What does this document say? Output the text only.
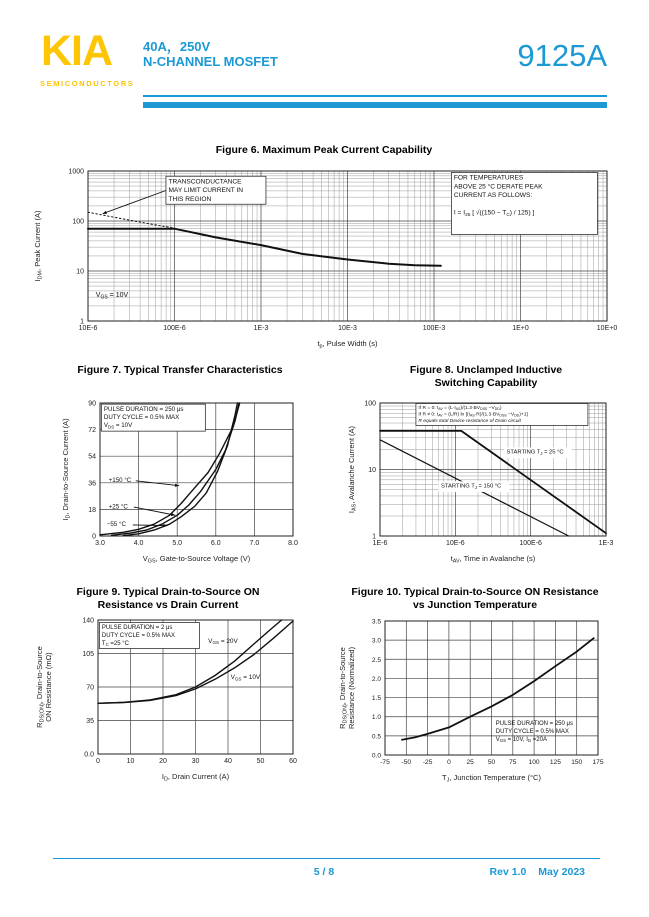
KIA
SEMICONDUCTORS
40A，250V
N-CHANNEL MOSFET	9125A
Figure 6. Maximum Peak Current Capability
10E-6	100E-6	1E-3	10E-3	100E-3	1E+0	10E+0
1
10
100
1000
tp, Pulse Width (s)
IDM, Peak Current (A)
TRANSCONDUCTANCE
MAY LIMIT CURRENT IN
THIS REGION
FOR TEMPERATURES
ABOVE 25 °C DERATE PEAK
CURRENT AS FOLLOWS:
$I = I_{25}$ [ $√((150 - T_C) / 125)$ ]
$V_{GS} = 10V$
Figure 7. Typical Transfer Characteristics
3.0	4.0	5.0	6.0	7.0	8.0
0
18
36
54
72
90
VGS, Gate-to-Source Voltage (V)
ID, Drain-to-Source Current (A)
PULSE DURATION = 250 μs
DUTY CYCLE = 0.5% MAX
$V_{DS} = 10V$
+150 °C
+25 °C
−55 °C
Figure 8. Unclamped Inductive
Switching Capability
1E-6	10E-6	100E-6	1E-3
1
10
100
tAV, Time in Avalanche (s)
IAS, Avalanche Current (A)
If R = 0: $t_{AV} = (L\cdot I_{AS})/(1.3\cdot BV_{DSS} -V_{DD})$
If R ≠ 0: $t_{AV} = (L/R)$ $\ln [(I_{AS}\cdot R)/(1.3\cdot BV_{DSS} -V_{DD})+1]$
R equals total Device resistance of Drain circuit
STARTING $T_J = 25$ °C
STARTING $T_J = 150$ °C
Figure 9. Typical Drain-to-Source ON
Resistance vs Drain Current
0	10	20	30	40	50	60
0.0
35
70
105
140
ID, Drain Current (A)
RDS(ON), Drain-to-Source ON Resistance (mΩ)
PULSE DURATION = 2 μs
DUTY CYCLE = 0.5% MAX
$T_C =25$ °C	$V_{GS} = 20V$
$V_{GS} = 10V$
Figure 10. Typical Drain-to-Source ON Resistance
vs Junction Temperature
-75 -50 -25 0 25 50 75 100 125 150 175
0.0
0.5
1.0
1.5
2.0
2.5
3.0
3.5
TJ, Junction Temperature (°C)
RDS(ON), Drain-to-Source Resistance (Normalized)	PULSE DURATION = 250 μs
DUTY CYCLE = 0.5% MAX
$V_{GS} = 10V$, $I_D =20A$
5 / 8	Rev 1.0 May 2023
